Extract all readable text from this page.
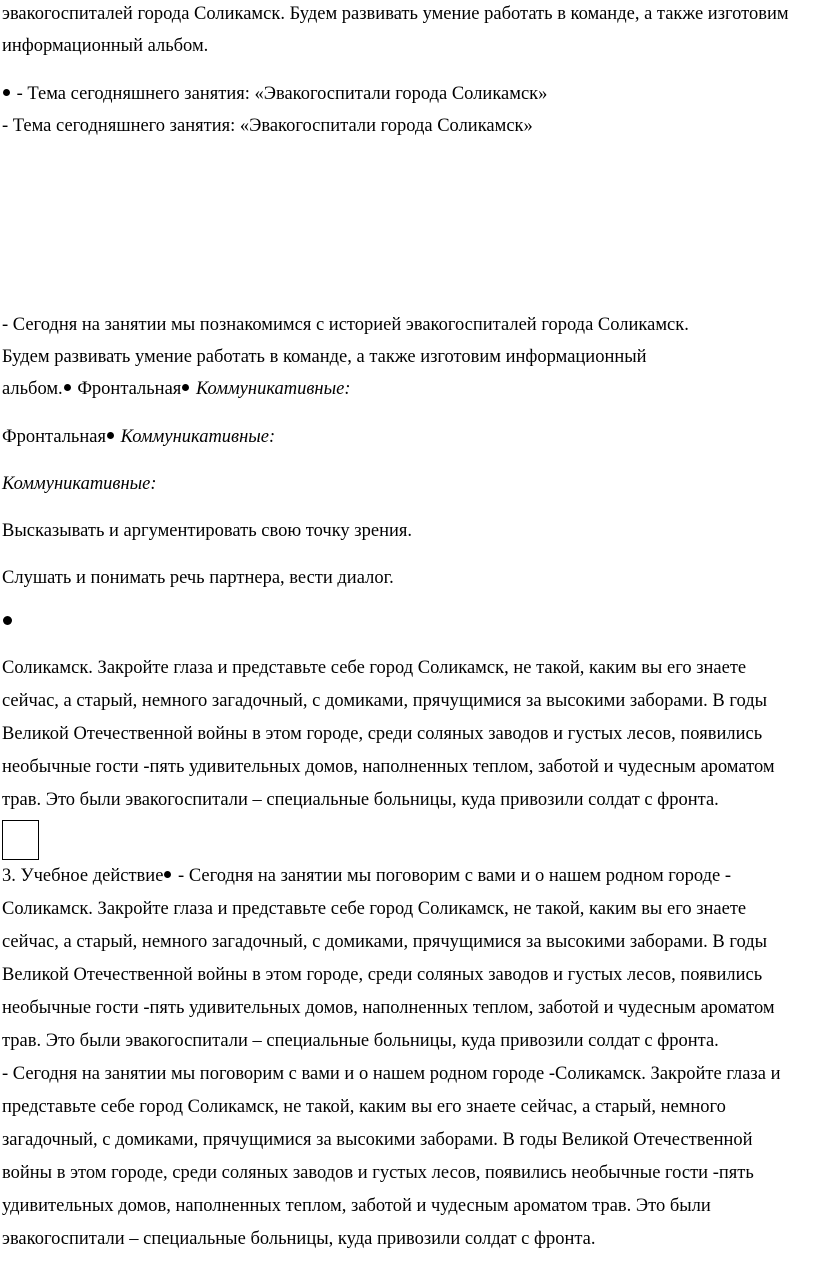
эвакогоспиталей города Соликамск. Будем развивать умение работать в команде, а также изготовим
информационный альбом.
- Тема сегодняшнего занятия: «Эвакогоспитали города Соликамск»
- Тема сегодняшнего занятия: «Эвакогоспитали города Соликамск»
- Сегодня на занятии мы познакомимся с историей эвакогоспиталей города Соликамск.
Будем развивать умение работать в команде, а также изготовим информационный
альбом. Фронтальная Коммуникативные:
Фронтальная Коммуникативные:
Коммуникативные:
Высказывать и аргументировать свою точку зрения.
Слушать и понимать речь партнера, вести диалог.
Соликамск. Закройте глаза и представьте себе город Соликамск, не такой, каким вы его знаете
сейчас, а старый, немного загадочный, с домиками, прячущимися за высокими заборами. В годы
Великой Отечественной войны в этом городе, среди соляных заводов и густых лесов, появились
необычные гости -пять удивительных домов, наполненных теплом, заботой и чудесным ароматом
трав. Это были эвакогоспитали – специальные больницы, куда привозили солдат с фронта.
3. Учебное действие - Сегодня на занятии мы поговорим с вами и о нашем родном городе -
Соликамск. Закройте глаза и представьте себе город Соликамск, не такой, каким вы его знаете
сейчас, а старый, немного загадочный, с домиками, прячущимися за высокими заборами. В годы
Великой Отечественной войны в этом городе, среди соляных заводов и густых лесов, появились
необычные гости -пять удивительных домов, наполненных теплом, заботой и чудесным ароматом
трав. Это были эвакогоспитали – специальные больницы, куда привозили солдат с фронта.
- Сегодня на занятии мы поговорим с вами и о нашем родном городе -Соликамск. Закройте глаза и
представьте себе город Соликамск, не такой, каким вы его знаете сейчас, а старый, немного
загадочный, с домиками, прячущимися за высокими заборами. В годы Великой Отечественной
войны в этом городе, среди соляных заводов и густых лесов, появились необычные гости -пять
удивительных домов, наполненных теплом, заботой и чудесным ароматом трав. Это были
эвакогоспитали – специальные больницы, куда привозили солдат с фронта.
